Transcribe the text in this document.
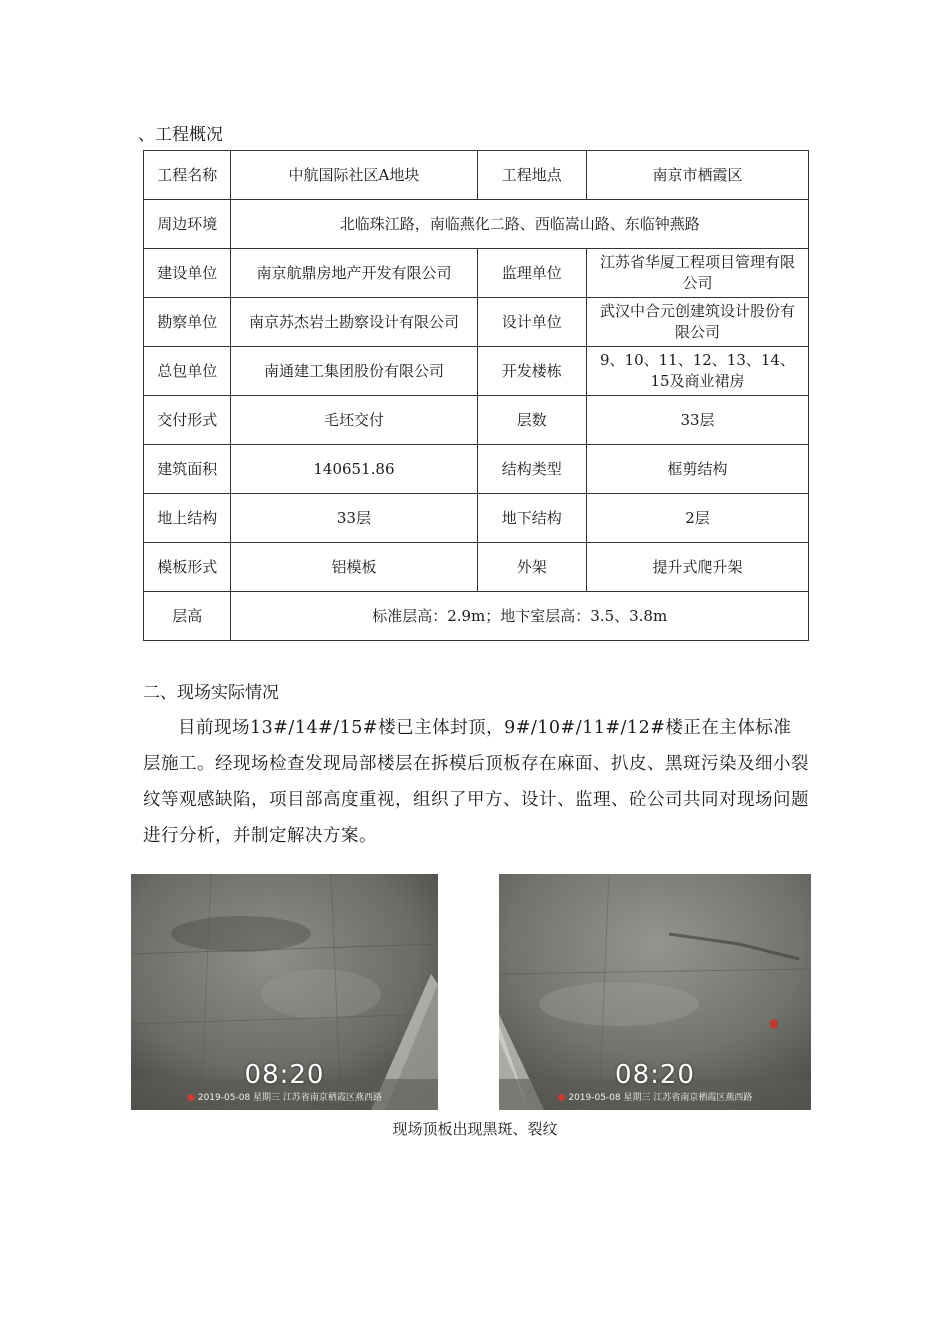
、工程概况
工程名称	中航国际社区A地块	工程地点	南京市栖霞区
周边环境	北临珠江路，南临燕化二路、西临嵩山路、东临钟燕路		
建设单位	南京航鼎房地产开发有限公司	监理单位	江苏省华厦工程项目管理有限公司
勘察单位	南京苏杰岩土勘察设计有限公司	设计单位	武汉中合元创建筑设计股份有限公司
总包单位	南通建工集团股份有限公司	开发楼栋	9、10、11、12、13、14、15及商业裙房
交付形式	毛坯交付	层数	33层
建筑面积	140651.86	结构类型	框剪结构
地上结构	33层	地下结构	2层
模板形式	铝模板	外架	提升式爬升架
层高	标准层高：2.9m；地卞室层高：3.5、3.8m		
二、现场实际情况
目前现场13#/14#/15#楼已主体封顶，9#/10#/11#/12#楼正在主体标准层施工。经现场检查发现局部楼层在拆模后顶板存在麻面、扒皮、黑斑污染及细小裂纹等观感缺陷，项目部高度重视，组织了甲方、设计、监理、砼公司共同对现场问题进行分析，并制定解决方案。
08:20
● 2019-05-08 星期三 江苏省南京栖霞区燕西路
08:20
● 2019-05-08 星期三 江苏省南京栖霞区燕西路
现场顶板出现黑斑、裂纹
